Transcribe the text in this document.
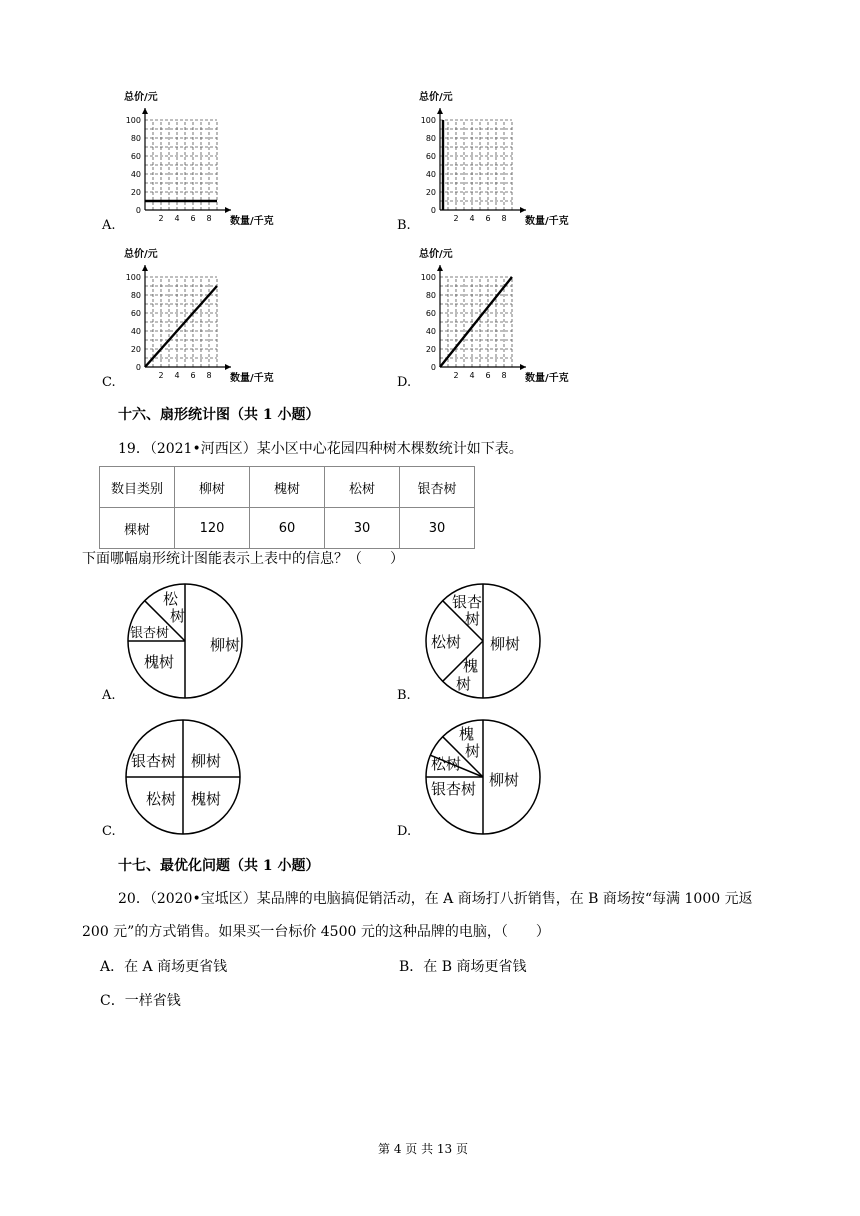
100
80
60
40
20
0
2 4 6 8
总价/元
数量/千克
A.
100
80
60
40
20
0
2 4 6 8
总价/元
数量/千克
B.
100
80
60
40
20
0
2 4 6 8
总价/元
数量/千克
C.
100
80
60
40
20
0
2 4 6 8
总价/元
数量/千克
D.
十六、扇形统计图（共 1 小题）
19．（2021•河西区）某小区中心花园四种树木棵数统计如下表。
数目类别	柳树	槐树	松树	银杏树
棵树	120	60	30	30
下面哪幅扇形统计图能表示上表中的信息？（　　）
柳树
槐树
银杏树
松
树
A.
柳树
松树
银杏
树
槐
树
B.
银杏树 柳树
松树 槐树
C.
柳树
银杏树
松树
槐
树
D.
十七、最优化问题（共 1 小题）
20．（2020•宝坻区）某品牌的电脑搞促销活动，在 A 商场打八折销售，在 B 商场按“每满 1000 元返
200 元”的方式销售。如果买一台标价 4500 元的这种品牌的电脑，（　　）
A．在 A 商场更省钱	B．在 B 商场更省钱
C．一样省钱
第 4 页 共 13 页
